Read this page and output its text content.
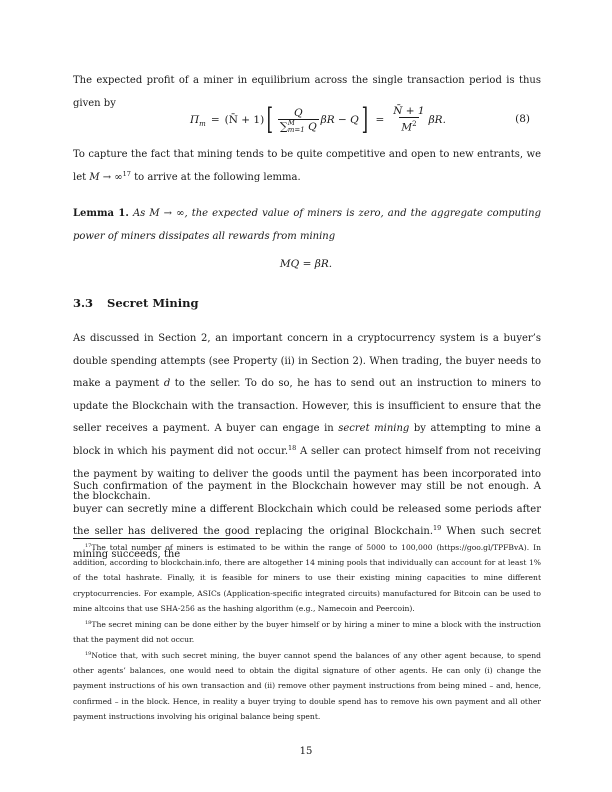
The expected profit of a miner in equilibrium across the single transaction period is thus given by

Π m = (N̄ + 1) [ Q
∑ M
m=1 Q βR − Q ] = $\frac{N̄ + 1}{M^2} \beta R$.	(8)

To capture the fact that mining tends to be quite competitive and open to new entrants, we let M → ∞$^{17}$ to arrive at the following lemma.

Lemma 1. As M → ∞, the expected value of miners is zero, and the aggregate computing power of miners dissipates all rewards from mining

MQ = βR.
3.3 Secret Mining

As discussed in Section 2, an important concern in a cryptocurrency system is a buyer’s double spending attempts (see Property (ii) in Section 2). When trading, the buyer needs to make a payment d to the seller. To do so, he has to send out an instruction to miners to update the Blockchain with the transaction. However, this is insufficient to ensure that the seller receives a payment. A buyer can engage in secret mining by attempting to mine a block in which his payment did not occur.$^{18}$ A seller can protect himself from not receiving the payment by waiting to deliver the goods until the payment has been incorporated into the blockchain.

Such confirmation of the payment in the Blockchain however may still be not enough. A buyer can secretly mine a different Blockchain which could be released some periods after the seller has delivered the good replacing the original Blockchain.$^{19}$ When such secret mining succeeds, the

$^{17}$The total number of miners is estimated to be within the range of 5000 to 100,000 (https://goo.gl/TPFBvA). In addition, according to blockchain.info, there are altogether 14 mining pools that individually can account for at least 1% of the total hashrate. Finally, it is feasible for miners to use their existing mining capacities to mine different cryptocurrencies. For example, ASICs (Application-specific integrated circuits) manufactured for Bitcoin can be used to mine altcoins that use SHA-256 as the hashing algorithm (e.g., Namecoin and Peercoin).

$^{18}$The secret mining can be done either by the buyer himself or by hiring a miner to mine a block with the instruction that the payment did not occur.

$^{19}$Notice that, with such secret mining, the buyer cannot spend the balances of any other agent because, to spend other agents’ balances, one would need to obtain the digital signature of other agents. He can only (i) change the payment instructions of his own transaction and (ii) remove other payment instructions from being mined – and, hence, confirmed – in the block. Hence, in reality a buyer trying to double spend has to remove his own payment and all other payment instructions involving his original balance being spent.

15
